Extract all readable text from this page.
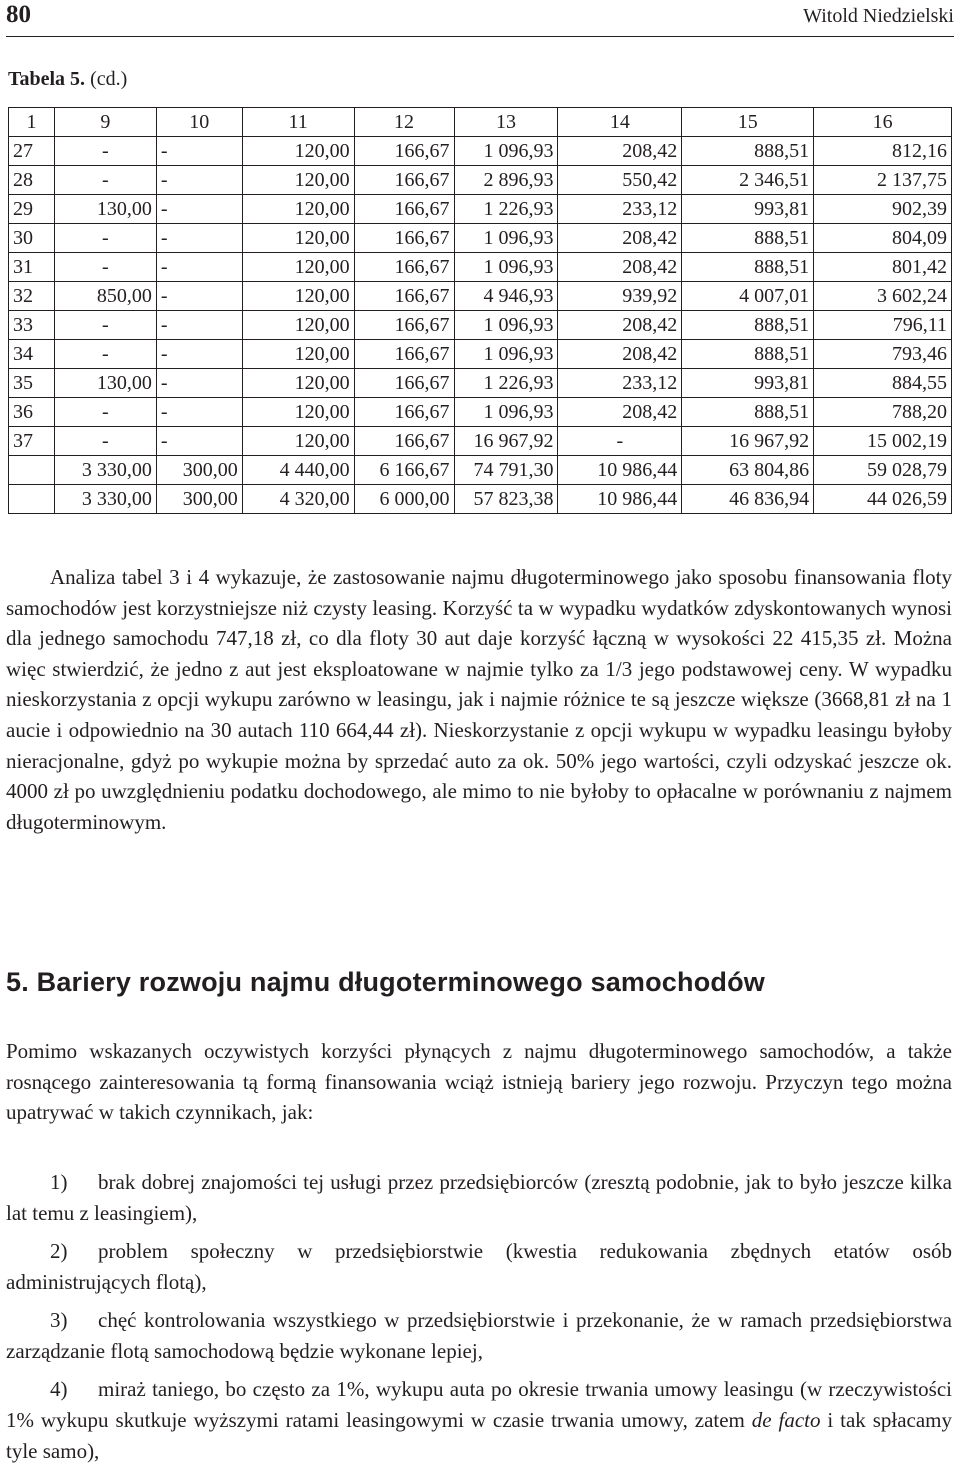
80	Witold Niedzielski
Tabela 5. (cd.)
1	9	10	11	12	13	14	15	16
27	-	-	120,00	166,67	1 096,93	208,42	888,51	812,16
28	-	-	120,00	166,67	2 896,93	550,42	2 346,51	2 137,75
29	130,00	-	120,00	166,67	1 226,93	233,12	993,81	902,39
30	-	-	120,00	166,67	1 096,93	208,42	888,51	804,09
31	-	-	120,00	166,67	1 096,93	208,42	888,51	801,42
32	850,00	-	120,00	166,67	4 946,93	939,92	4 007,01	3 602,24
33	-	-	120,00	166,67	1 096,93	208,42	888,51	796,11
34	-	-	120,00	166,67	1 096,93	208,42	888,51	793,46
35	130,00	-	120,00	166,67	1 226,93	233,12	993,81	884,55
36	-	-	120,00	166,67	1 096,93	208,42	888,51	788,20
37	-	-	120,00	166,67	16 967,92	-	16 967,92	15 002,19
	3 330,00	300,00	4 440,00	6 166,67	74 791,30	10 986,44	63 804,86	59 028,79
	3 330,00	300,00	4 320,00	6 000,00	57 823,38	10 986,44	46 836,94	44 026,59

Analiza tabel 3 i 4 wykazuje, że zastosowanie najmu długoterminowego jako sposobu finansowania floty samochodów jest korzystniejsze niż czysty leasing. Korzyść ta w wypadku wydatków zdyskontowanych wynosi dla jednego samochodu 747,18 zł, co dla floty 30 aut daje korzyść łączną w wysokości 22 415,35 zł. Można więc stwierdzić, że jedno z aut jest eksploatowane w najmie tylko za 1/3 jego podstawowej ceny. W wypadku nieskorzystania z opcji wykupu zarówno w leasingu, jak i najmie różnice te są jeszcze większe (3668,81 zł na 1 aucie i odpowiednio na 30 autach 110 664,44 zł). Nieskorzystanie z opcji wykupu w wypadku leasingu byłoby nieracjonalne, gdyż po wykupie można by sprzedać auto za ok. 50% jego wartości, czyli odzyskać jeszcze ok. 4000 zł po uwzględnieniu podatku dochodowego, ale mimo to nie byłoby to opłacalne w porównaniu z najmem długoterminowym.

5. Bariery rozwoju najmu długoterminowego samochodów

Pomimo wskazanych oczywistych korzyści płynących z najmu długoterminowego samochodów, a także rosnącego zainteresowania tą formą finansowania wciąż istnieją bariery jego rozwoju. Przyczyn tego można upatrywać w takich czynnikach, jak:

1) brak dobrej znajomości tej usługi przez przedsiębiorców (zresztą podobnie, jak to było jeszcze kilka lat temu z leasingiem),

2) problem społeczny w przedsiębiorstwie (kwestia redukowania zbędnych etatów osób administrujących flotą),

3) chęć kontrolowania wszystkiego w przedsiębiorstwie i przekonanie, że w ramach przedsiębiorstwa zarządzanie flotą samochodową będzie wykonane lepiej,

4) miraż taniego, bo często za 1%, wykupu auta po okresie trwania umowy leasingu (w rzeczywistości 1% wykupu skutkuje wyższymi ratami leasingowymi w czasie trwania umowy, zatem de facto i tak spłacamy tyle samo),
